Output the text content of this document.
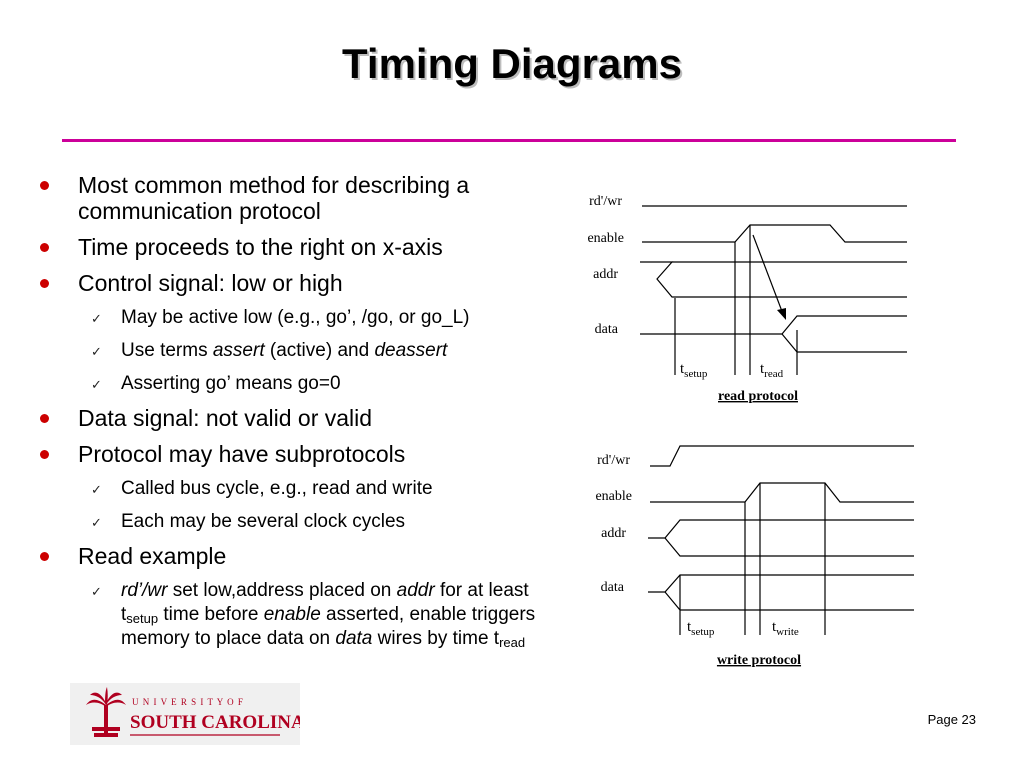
Timing Diagrams
Most common method for describing a communication protocol
Time proceeds to the right on x-axis
Control signal: low or high
✓ May be active low (e.g., go’, /go, or go_L)
✓ Use terms assert (active) and deassert
✓ Asserting go’ means go=0
Data signal: not valid or valid
Protocol may have subprotocols
✓ Called bus cycle, e.g., read and write
✓ Each may be several clock cycles
Read example
✓ rd’/wr set low,address placed on addr for at least $t_{setup}$ time before enable asserted, enable triggers memory to place data on data wires by time $t_{read}$
rd'/wr
enable
addr
data
$t_{setup}$	$t_{read}$
read protocol
rd'/wr
enable
addr
data
$t_{setup}$	$t_{write}$
write protocol
U N I V E R S I T Y O F
SOUTH CAROLINA	Page 23
